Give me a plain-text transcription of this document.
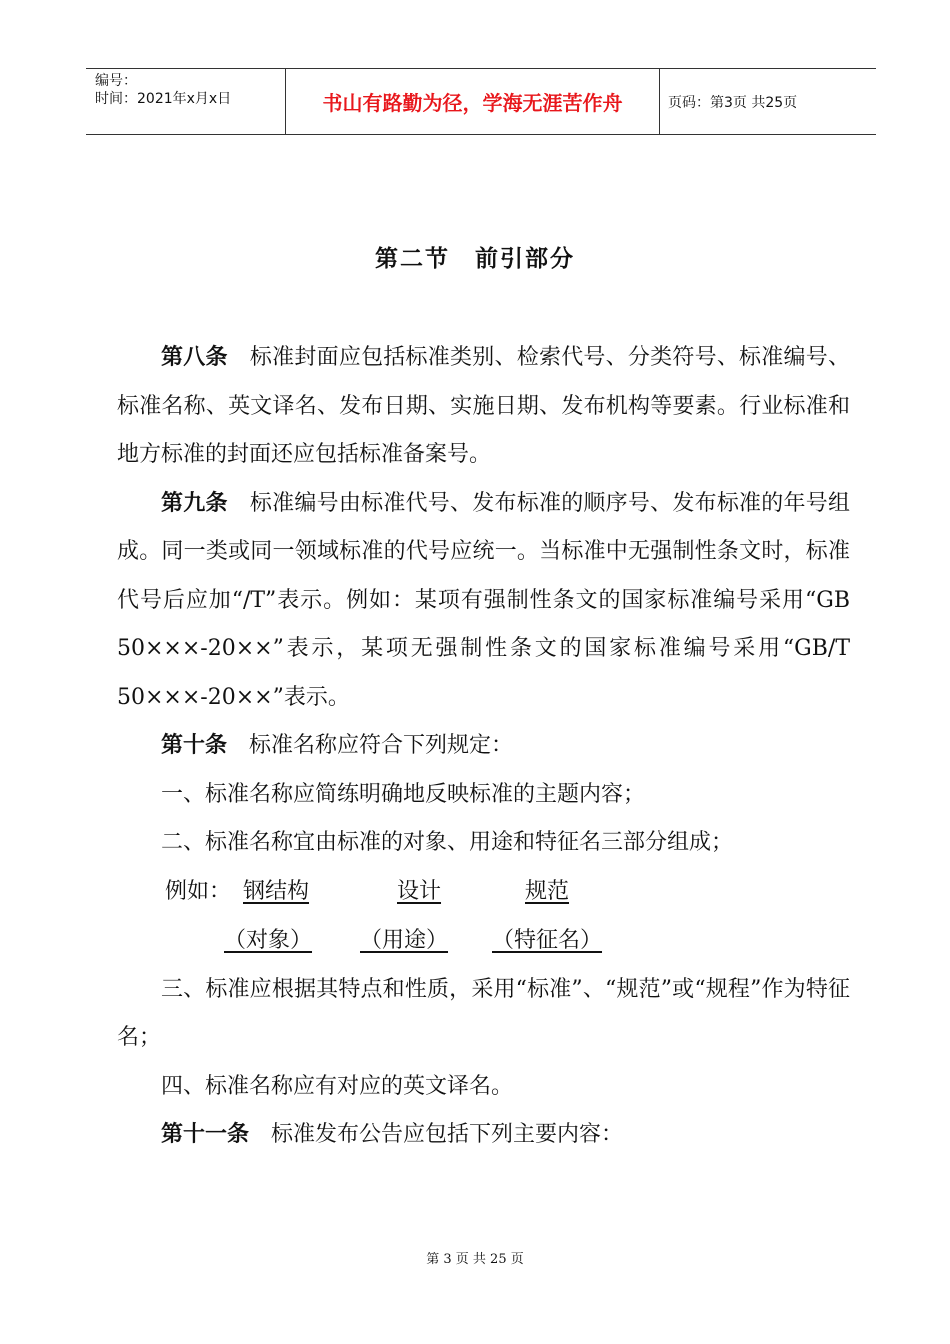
编号：
时间：2021年x月x日	书山有路勤为径，学海无涯苦作舟	页码：第3页 共25页
第二节　前引部分

第八条 标准封面应包括标准类别、检索代号、分类符号、标准编号、标准名称、英文译名、发布日期、实施日期、发布机构等要素。行业标准和地方标准的封面还应包括标准备案号。

第九条 标准编号由标准代号、发布标准的顺序号、发布标准的年号组成。同一类或同一领域标准的代号应统一。当标准中无强制性条文时，标准代号后应加“/T”表示。例如：某项有强制性条文的国家标准编号采用“GB 50×××-20××”表示，某项无强制性条文的国家标准编号采用“GB/T 50×××-20××”表示。

第十条 标准名称应符合下列规定：

一、标准名称应简练明确地反映标准的主题内容；

二、标准名称宜由标准的对象、用途和特征名三部分组成；

例如： 钢结构	设计	规范
（对象） （用途） （特征名）

三、标准应根据其特点和性质，采用“标准”、“规范”或“规程”作为特征名；

四、标准名称应有对应的英文译名。

第十一条 标准发布公告应包括下列主要内容：

第 3 页 共 25 页
